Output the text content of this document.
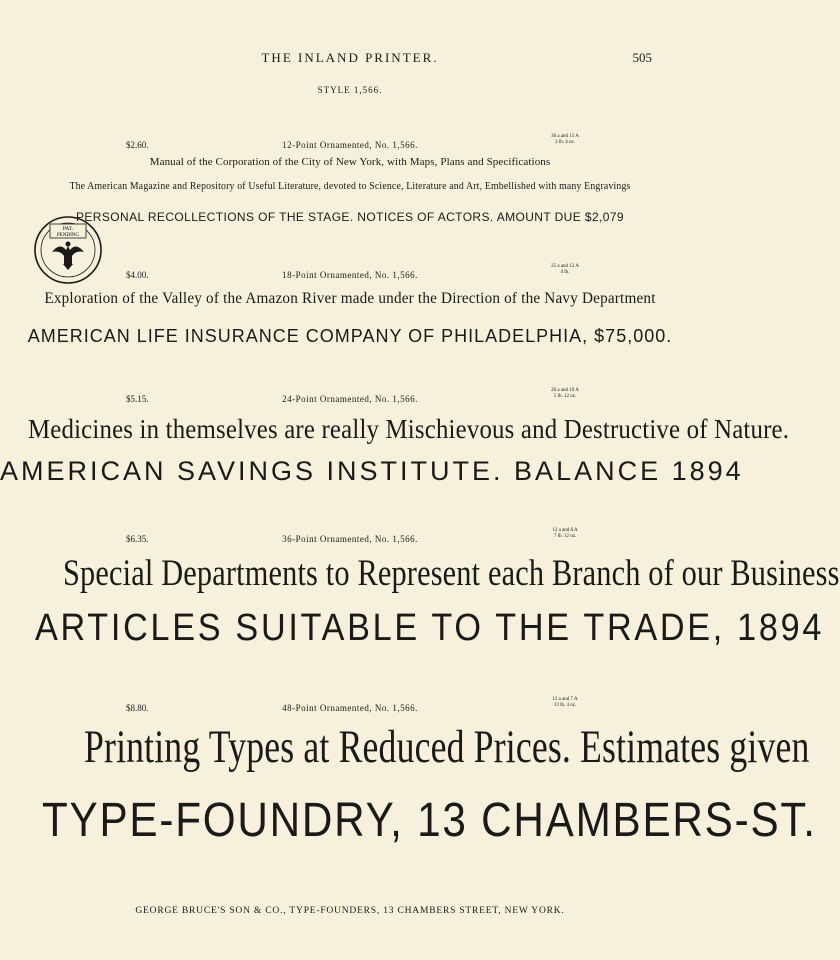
THE INLAND PRINTER.	505
STYLE 1,566.
PAT.
PENDING
$2.60.	12-Point Ornamented, No. 1,566.
30 a and 15 A
2 lb. 4 oz.
Manual of the Corporation of the City of New York, with Maps, Plans and Specifications
The American Magazine and Repository of Useful Literature, devoted to Science, Literature and Art, Embellished with many Engravings
PERSONAL RECOLLECTIONS OF THE STAGE. NOTICES OF ACTORS. AMOUNT DUE $2,079
$4.00.	18-Point Ornamented, No. 1,566.
25 a and 12 A
4 lb.
Exploration of the Valley of the Amazon River made under the Direction of the Navy Department
AMERICAN LIFE INSURANCE COMPANY OF PHILADELPHIA, $75,000.
$5.15.	24-Point Ornamented, No. 1,566.
20 a and 10 A
5 lb. 12 oz.
Medicines in themselves are really Mischievous and Destructive of Nature.
AMERICAN SAVINGS INSTITUTE. BALANCE 1894
$6.35.	36-Point Ornamented, No. 1,566.
12 a and 8 A
7 lb. 12 oz.
Special Departments to Represent each Branch of our Business
ARTICLES SUITABLE TO THE TRADE, 1894
$8.80.	48-Point Ornamented, No. 1,566.
12 a and 7 A
13 lb. 4 oz.
Printing Types at Reduced Prices. Estimates given
TYPE-FOUNDRY, 13 CHAMBERS-ST.
GEORGE BRUCE'S SON & CO., TYPE-FOUNDERS, 13 CHAMBERS STREET, NEW YORK.
